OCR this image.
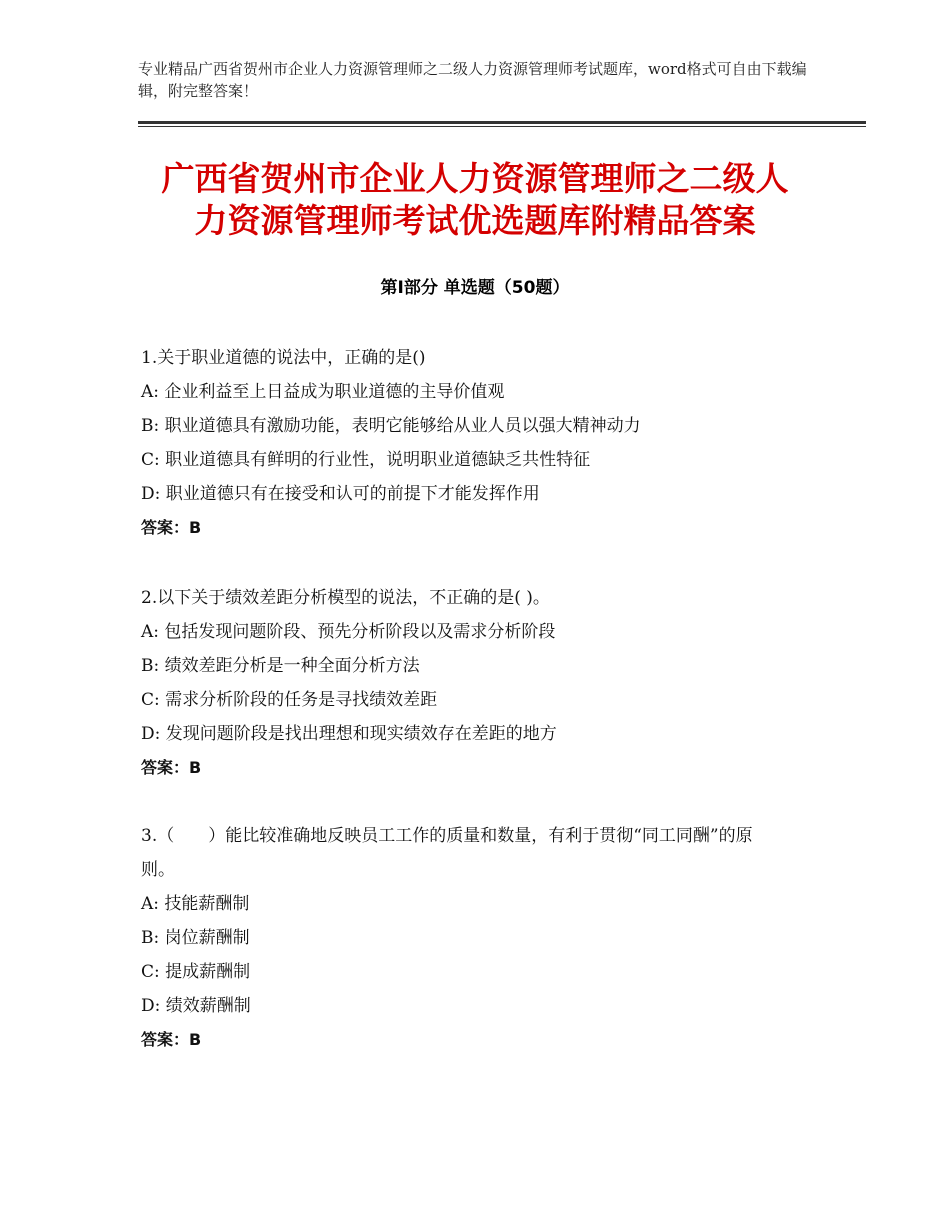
专业精品广西省贺州市企业人力资源管理师之二级人力资源管理师考试题库，word格式可自由下载编辑，附完整答案！
广西省贺州市企业人力资源管理师之二级人
力资源管理师考试优选题库附精品答案
第Ⅰ部分 单选题（50题）
1.关于职业道德的说法中，正确的是()
A: 企业利益至上日益成为职业道德的主导价值观
B: 职业道德具有激励功能，表明它能够给从业人员以强大精神动力
C: 职业道德具有鲜明的行业性，说明职业道德缺乏共性特征
D: 职业道德只有在接受和认可的前提下才能发挥作用
答案：B
2.以下关于绩效差距分析模型的说法，不正确的是( )。
A: 包括发现问题阶段、预先分析阶段以及需求分析阶段
B: 绩效差距分析是一种全面分析方法
C: 需求分析阶段的任务是寻找绩效差距
D: 发现问题阶段是找出理想和现实绩效存在差距的地方
答案：B
3.（　　）能比较准确地反映员工工作的质量和数量，有利于贯彻“同工同酬”的原则。
A: 技能薪酬制
B: 岗位薪酬制
C: 提成薪酬制
D: 绩效薪酬制
答案：B
